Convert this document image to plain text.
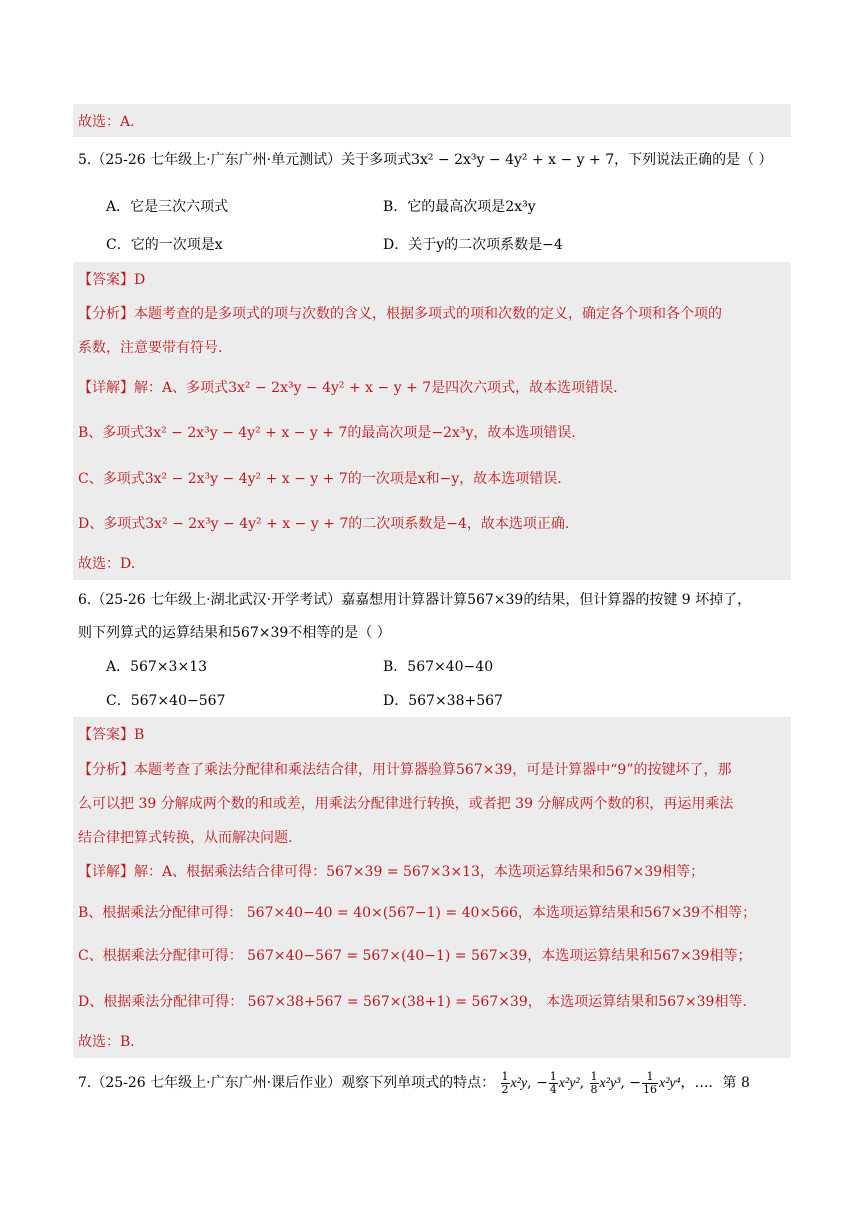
故选：A.
5.（25-26 七年级上·广东广州·单元测试）关于多项式3x² − 2x³y − 4y² + x − y + 7，下列说法正确的是（ ）
A．它是三次六项式	B．它的最高次项是2x³y
C．它的一次项是x	D．关于y的二次项系数是−4
【答案】D
【分析】本题考查的是多项式的项与次数的含义，根据多项式的项和次数的定义，确定各个项和各个项的
系数，注意要带有符号.
【详解】解：A、多项式3x² − 2x³y − 4y² + x − y + 7是四次六项式，故本选项错误.
B、多项式3x² − 2x³y − 4y² + x − y + 7的最高次项是−2x³y，故本选项错误.
C、多项式3x² − 2x³y − 4y² + x − y + 7的一次项是x和−y，故本选项错误.
D、多项式3x² − 2x³y − 4y² + x − y + 7的二次项系数是−4，故本选项正确.
故选：D.
6.（25-26 七年级上·湖北武汉·开学考试）嘉嘉想用计算器计算567×39的结果，但计算器的按键 9 坏掉了，
则下列算式的运算结果和567×39不相等的是（ ）
A．567×3×13	B．567×40−40
C．567×40−567	D．567×38+567
【答案】B
【分析】本题考查了乘法分配律和乘法结合律，用计算器验算567×39，可是计算器中“9”的按键坏了，那
么可以把 39 分解成两个数的和或差，用乘法分配律进行转换，或者把 39 分解成两个数的积，再运用乘法
结合律把算式转换，从而解决问题.
【详解】解：A、根据乘法结合律可得：567×39 = 567×3×13，本选项运算结果和567×39相等；
B、根据乘法分配律可得： 567×40−40 = 40×(567−1) = 40×566，本选项运算结果和567×39不相等；
C、根据乘法分配律可得： 567×40−567 = 567×(40−1) = 567×39，本选项运算结果和567×39相等；
D、根据乘法分配律可得： 567×38+567 = 567×(38+1) = 567×39， 本选项运算结果和567×39相等.
故选：B.
7.（25-26 七年级上·广东广州·课后作业）观察下列单项式的特点： $\frac{1}{2} x^2y$, − $\frac{1}{4} x^2y^2$, $\frac{1}{8} x^2y^3$, − $\frac{1}{16} x^2y^4$，…．第 8
